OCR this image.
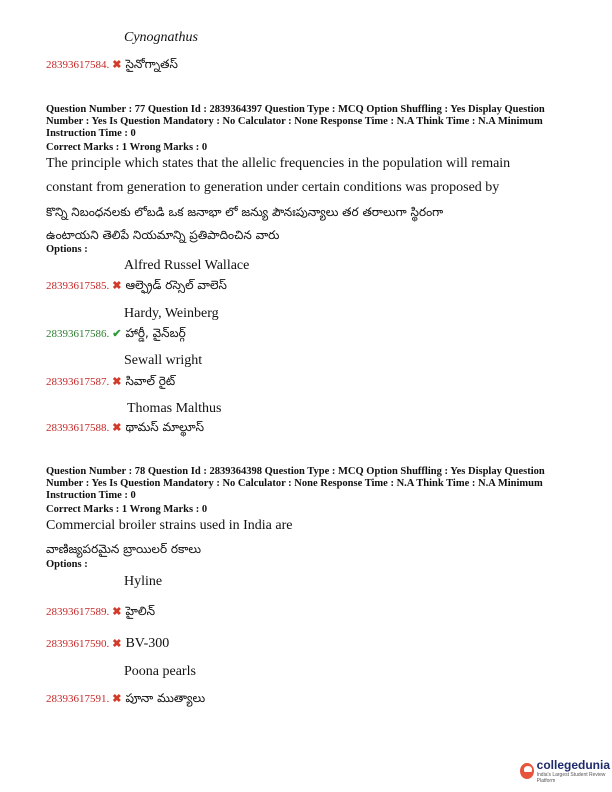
Cynognathus
28393617584. ✖ సైనోగ్నాతస్
Question Number : 77 Question Id : 2839364397 Question Type : MCQ Option Shuffling : Yes Display Question Number : Yes Is Question Mandatory : No Calculator : None Response Time : N.A Think Time : N.A Minimum Instruction Time : 0
Correct Marks : 1 Wrong Marks : 0
The principle which states that the allelic frequencies in the population will remain
constant from generation to generation under certain conditions was proposed by
కొన్ని నిబంధనలకు లోబడి ఒక జనాభా లో జన్యు పౌనఃపున్యాలు తర తరాలుగా స్థిరంగా
ఉంటాయని తెలిపే నియమాన్ని ప్రతిపాదించిన వారు
Options :
Alfred Russel Wallace
28393617585. ✖ ఆల్ఫ్రెడ్ రస్సెల్ వాలెస్
Hardy, Weinberg
28393617586. ✔ హార్డీ, వైన్‌బర్గ్
Sewall wright
28393617587. ✖ సివాల్ రైట్
Thomas Malthus
28393617588. ✖ థామస్ మాల్థూస్
Question Number : 78 Question Id : 2839364398 Question Type : MCQ Option Shuffling : Yes Display Question Number : Yes Is Question Mandatory : No Calculator : None Response Time : N.A Think Time : N.A Minimum Instruction Time : 0
Correct Marks : 1 Wrong Marks : 0
Commercial broiler strains used in India are
వాణిజ్యపరమైన బ్రాయిలర్ రకాలు
Options :
Hyline
28393617589. ✖ హైలిన్
28393617590. ✖ BV-300
Poona pearls
28393617591. ✖ పూనా ముత్యాలు
collegedunia
India's Largest Student Review Platform
